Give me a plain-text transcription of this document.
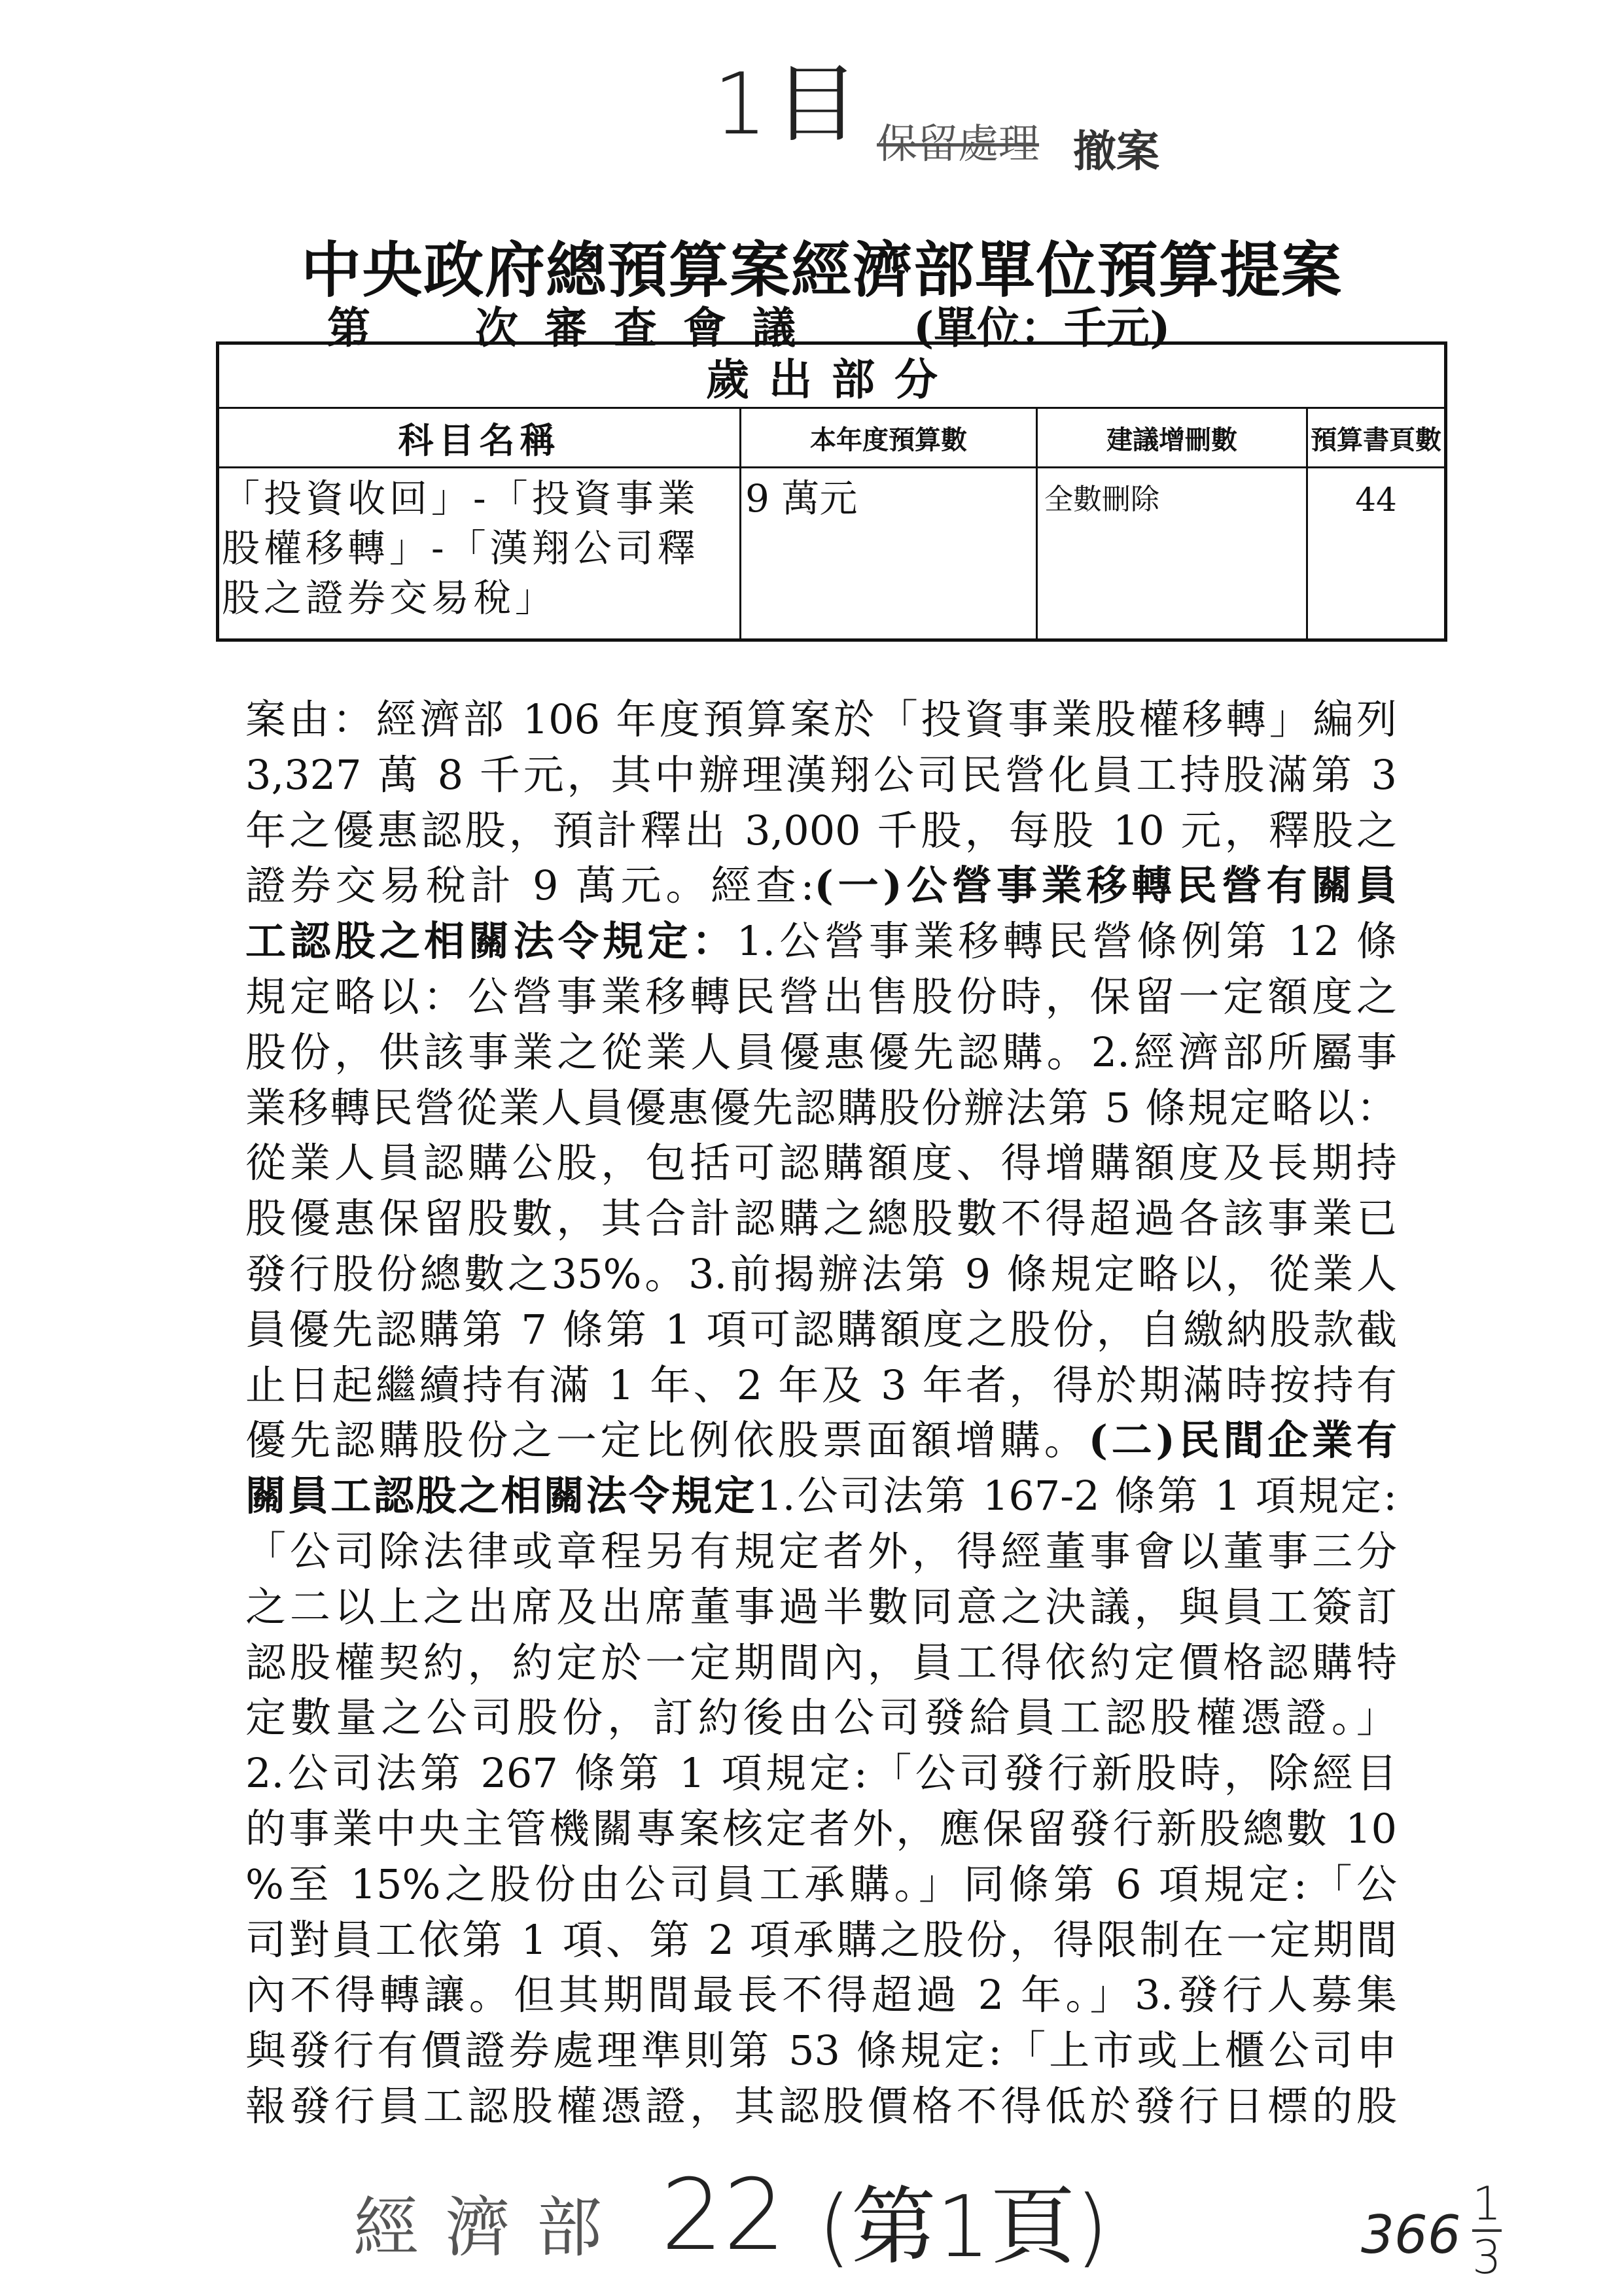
1目 保留處理 撤案
中央政府總預算案經濟部單位預算提案
第 次審查會議 (單位：千元)
歲出部分			
科目名稱	本年度預算數	建議增刪數	預算書頁數
「投資收回」-「投資事業股權移轉」-「漢翔公司釋股之證券交易稅」	9 萬元	全數刪除	44
案由：經濟部 106 年度預算案於「投資事業股權移轉」編列
3,327 萬 8 千元，其中辦理漢翔公司民營化員工持股滿第 3
年之優惠認股，預計釋出 3,000 千股，每股 10 元，釋股之
證券交易稅計 9 萬元。經查:(一)公營事業移轉民營有關員
工認股之相關法令規定：1.公營事業移轉民營條例第 12 條
規定略以：公營事業移轉民營出售股份時，保留一定額度之
股份，供該事業之從業人員優惠優先認購。2.經濟部所屬事
業移轉民營從業人員優惠優先認購股份辦法第 5 條規定略以：
從業人員認購公股，包括可認購額度、得增購額度及長期持
股優惠保留股數，其合計認購之總股數不得超過各該事業已
發行股份總數之35%。3.前揭辦法第 9 條規定略以，從業人
員優先認購第 7 條第 1 項可認購額度之股份，自繳納股款截
止日起繼續持有滿 1 年、2 年及 3 年者，得於期滿時按持有
優先認購股份之一定比例依股票面額增購。(二)民間企業有
關員工認股之相關法令規定1.公司法第 167-2 條第 1 項規定:
「公司除法律或章程另有規定者外，得經董事會以董事三分
之二以上之出席及出席董事過半數同意之決議，與員工簽訂
認股權契約，約定於一定期間內，員工得依約定價格認購特
定數量之公司股份，訂約後由公司發給員工認股權憑證。」
2.公司法第 267 條第 1 項規定:「公司發行新股時，除經目
的事業中央主管機關專案核定者外，應保留發行新股總數 10
%至 15%之股份由公司員工承購。」同條第 6 項規定:「公
司對員工依第 1 項、第 2 項承購之股份，得限制在一定期間
內不得轉讓。但其期間最長不得超過 2 年。」3.發行人募集
與發行有價證券處理準則第 53 條規定:「上市或上櫃公司申
報發行員工認股權憑證，其認股價格不得低於發行日標的股
經濟部 22 (第1頁)	$366 \frac{1}{3}$
